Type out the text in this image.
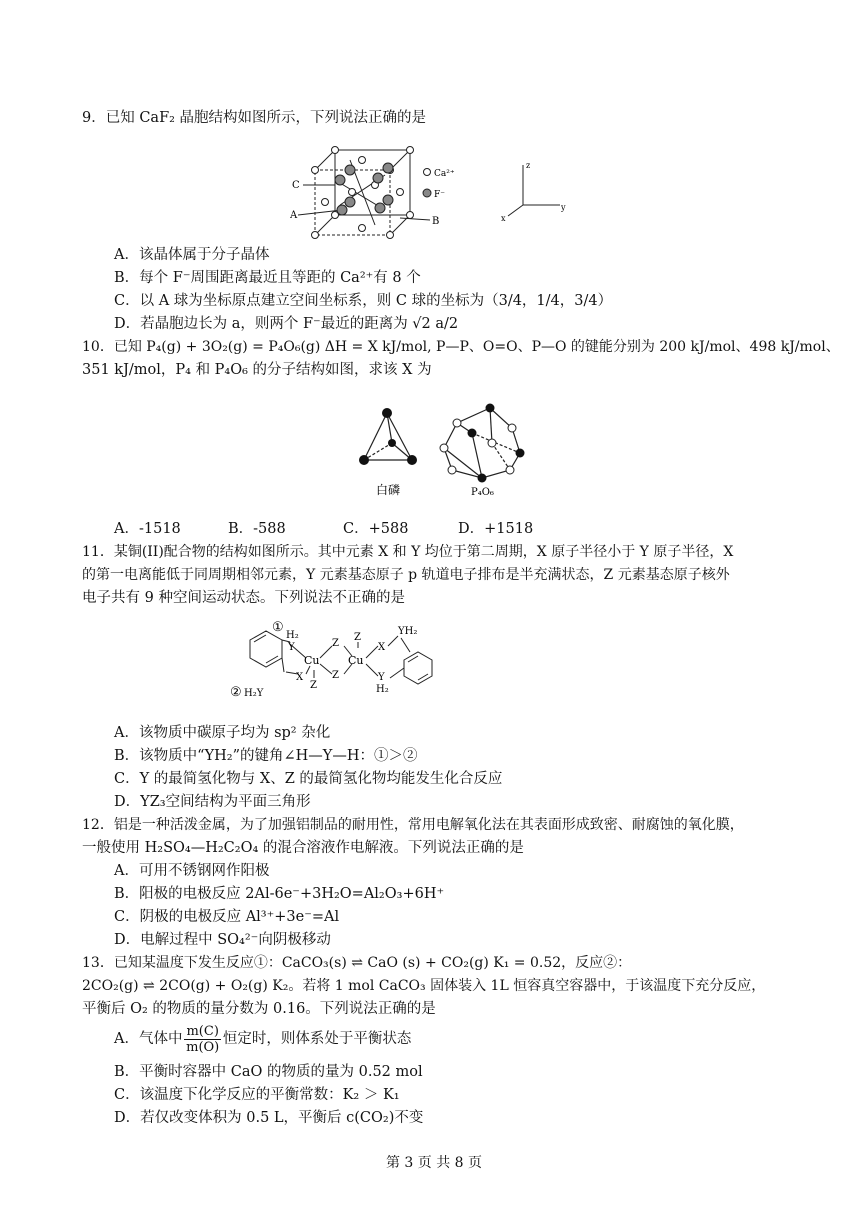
9．已知 CaF₂ 晶胞结构如图所示，下列说法正确的是
C
A
B
Ca²⁺
F⁻
z
y
x
A．该晶体属于分子晶体
B．每个 F⁻周围距离最近且等距的 Ca²⁺有 8 个
C．以 A 球为坐标原点建立空间坐标系，则 C 球的坐标为（3/4，1/4，3/4）
D．若晶胞边长为 a，则两个 F⁻最近的距离为 √2 a/2
10．已知 P₄(g) + 3O₂(g) = P₄O₆(g) ΔH = X kJ/mol, P—P、O=O、P—O 的键能分别为 200 kJ/mol、498 kJ/mol、
351 kJ/mol，P₄ 和 P₄O₆ 的分子结构如图，求该 X 为
白磷	P₄O₆
A．-1518	B．-588	C．+588	D．+1518
11．某铜(II)配合物的结构如图所示。其中元素 X 和 Y 均位于第二周期，X 原子半径小于 Y 原子半径，X
的第一电离能低于同周期相邻元素，Y 元素基态原子 p 轨道电子排布是半充满状态，Z 元素基态原子核外
电子共有 9 种空间运动状态。下列说法不正确的是
①
H₂
Y
Cu	Cu
Z
Z
Z
Z
X
X
② H₂Y
YH₂
Y
H₂
A．该物质中碳原子均为 sp² 杂化
B．该物质中“YH₂”的键角∠H—Y—H：①＞②
C．Y 的最简氢化物与 X、Z 的最简氢化物均能发生化合反应
D．YZ₃空间结构为平面三角形
12．铝是一种活泼金属，为了加强铝制品的耐用性，常用电解氧化法在其表面形成致密、耐腐蚀的氧化膜，
一般使用 H₂SO₄—H₂C₂O₄ 的混合溶液作电解液。下列说法正确的是
A．可用不锈钢网作阳极
B．阳极的电极反应 2Al-6e⁻+3H₂O=Al₂O₃+6H⁺
C．阴极的电极反应 Al³⁺+3e⁻=Al
D．电解过程中 SO₄²⁻向阴极移动
13．已知某温度下发生反应①：CaCO₃(s) ⇌ CaO (s) + CO₂(g) K₁ = 0.52，反应②：
2CO₂(g) ⇌ 2CO(g) + O₂(g) K₂。若将 1 mol CaCO₃ 固体装入 1L 恒容真空容器中，于该温度下充分反应，
平衡后 O₂ 的物质的量分数为 0.16。下列说法正确的是
A．气体中 $\frac{m(C)}{m(O)}$ 恒定时，则体系处于平衡状态
B．平衡时容器中 CaO 的物质的量为 0.52 mol
C．该温度下化学反应的平衡常数：K₂ ＞ K₁
D．若仅改变体积为 0.5 L，平衡后 c(CO₂)不变
第 3 页 共 8 页
